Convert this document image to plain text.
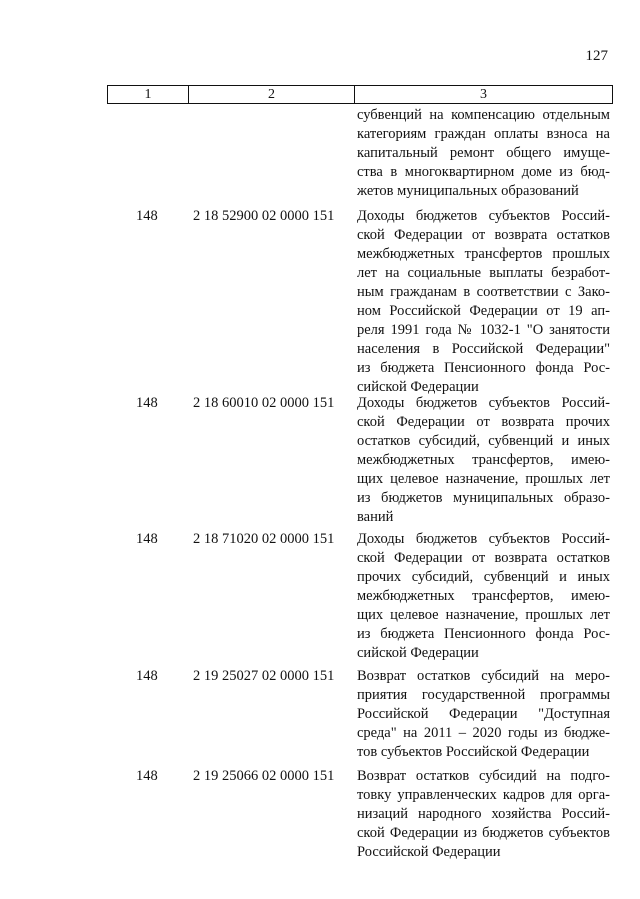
127
1	2	3
субвенций на компенсацию отдельным
категориям граждан оплаты взноса на
капитальный ремонт общего имуще-
ства в многоквартирном доме из бюд-
жетов муниципальных образований
148 2 18 52900 02 0000 151 Доходы бюджетов субъектов Россий-
ской Федерации от возврата остатков
межбюджетных трансфертов прошлых
лет на социальные выплаты безработ-
ным гражданам в соответствии с Зако-
ном Российской Федерации от 19 ап-
реля 1991 года № 1032-1 "О занятости
населения в Российской Федерации"
из бюджета Пенсионного фонда Рос-
сийской Федерации
148 2 18 60010 02 0000 151 Доходы бюджетов субъектов Россий-
ской Федерации от возврата прочих
остатков субсидий, субвенций и иных
межбюджетных трансфертов, имею-
щих целевое назначение, прошлых лет
из бюджетов муниципальных образо-
ваний
148 2 18 71020 02 0000 151 Доходы бюджетов субъектов Россий-
ской Федерации от возврата остатков
прочих субсидий, субвенций и иных
межбюджетных трансфертов, имею-
щих целевое назначение, прошлых лет
из бюджета Пенсионного фонда Рос-
сийской Федерации
148 2 19 25027 02 0000 151 Возврат остатков субсидий на меро-
приятия государственной программы
Российской Федерации "Доступная
среда" на 2011 – 2020 годы из бюдже-
тов субъектов Российской Федерации
148 2 19 25066 02 0000 151 Возврат остатков субсидий на подго-
товку управленческих кадров для орга-
низаций народного хозяйства Россий-
ской Федерации из бюджетов субъектов
Российской Федерации
